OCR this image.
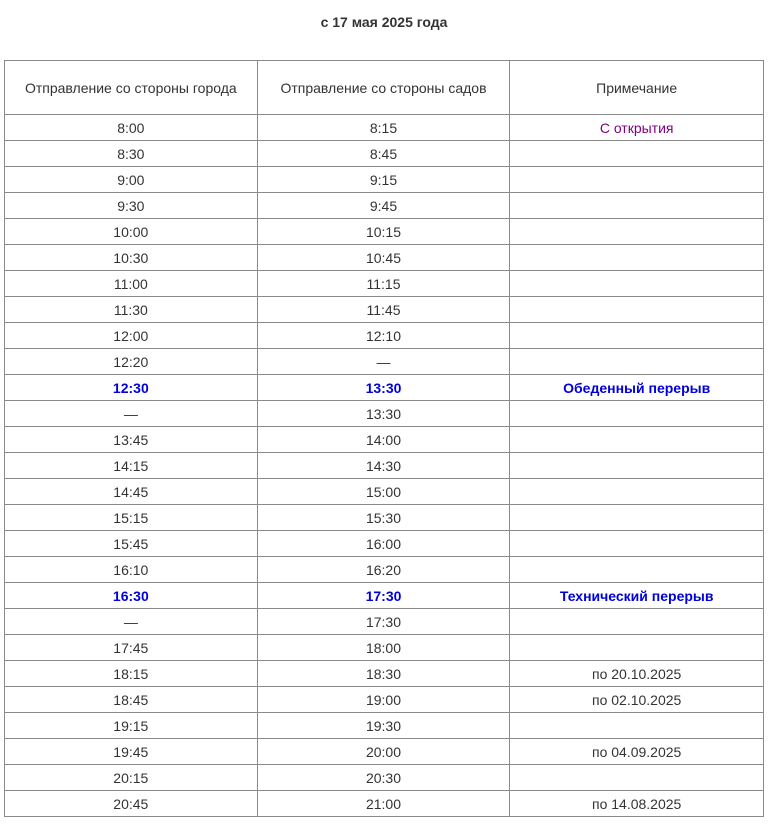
с 17 мая 2025 года
Отправление со стороны города	Отправление со стороны садов	Примечание
8:00	8:15	С открытия
8:30	8:45	
9:00	9:15	
9:30	9:45	
10:00	10:15	
10:30	10:45	
11:00	11:15	
11:30	11:45	
12:00	12:10	
12:20	—	
12:30	13:30	Обеденный перерыв
—	13:30	
13:45	14:00	
14:15	14:30	
14:45	15:00	
15:15	15:30	
15:45	16:00	
16:10	16:20	
16:30	17:30	Технический перерыв
—	17:30	
17:45	18:00	
18:15	18:30	по 20.10.2025
18:45	19:00	по 02.10.2025
19:15	19:30	
19:45	20:00	по 04.09.2025
20:15	20:30	
20:45	21:00	по 14.08.2025
